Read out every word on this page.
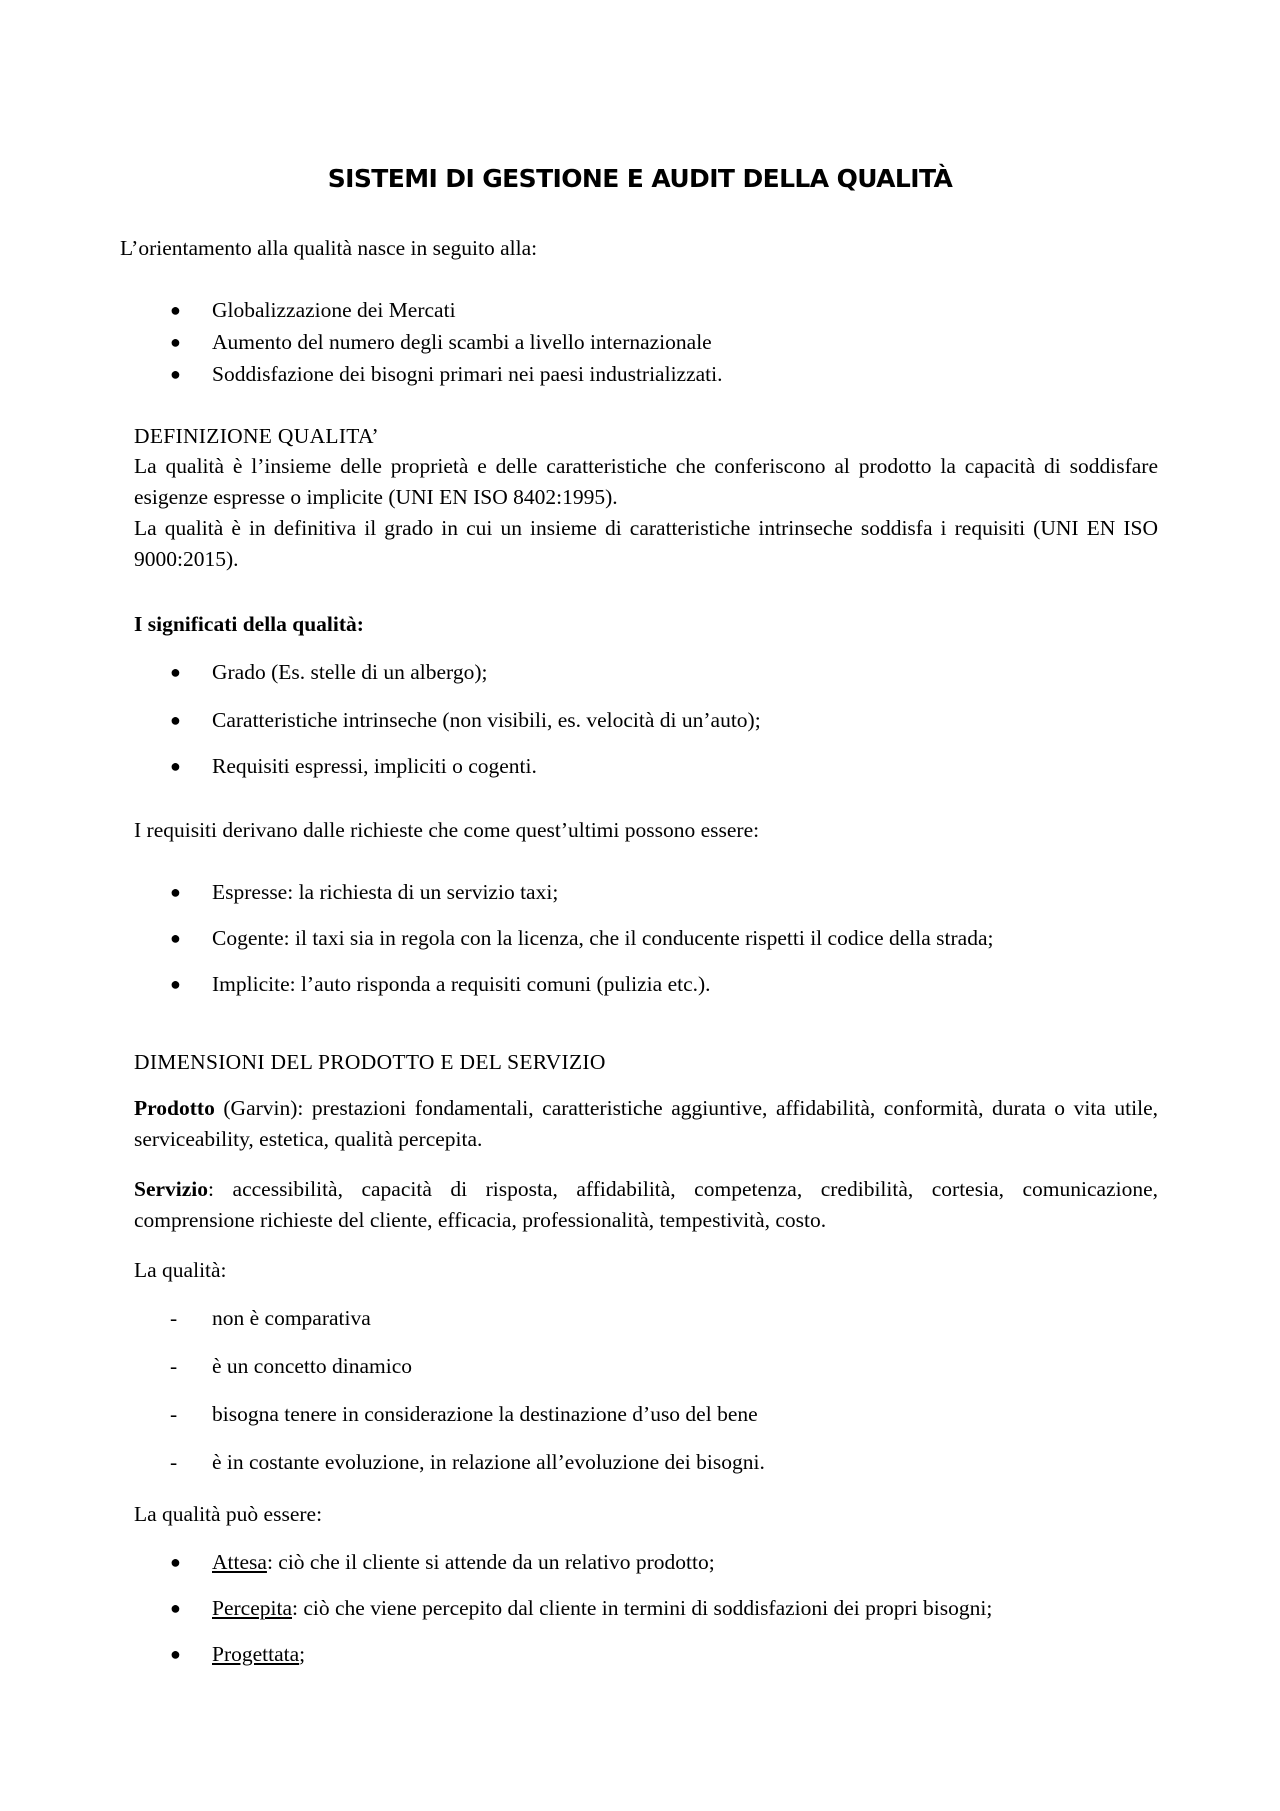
SISTEMI DI GESTIONE E AUDIT DELLA QUALITÀ
L’orientamento alla qualità nasce in seguito alla:
● Globalizzazione dei Mercati
● Aumento del numero degli scambi a livello internazionale
● Soddisfazione dei bisogni primari nei paesi industrializzati.
DEFINIZIONE QUALITA’
La qualità è l’insieme delle proprietà e delle caratteristiche che conferiscono al prodotto la capacità di soddisfare esigenze espresse o implicite (UNI EN ISO 8402:1995).
La qualità è in definitiva il grado in cui un insieme di caratteristiche intrinseche soddisfa i requisiti (UNI EN ISO 9000:2015).
I significati della qualità:
● Grado (Es. stelle di un albergo);
● Caratteristiche intrinseche (non visibili, es. velocità di un’auto);
● Requisiti espressi, impliciti o cogenti.
I requisiti derivano dalle richieste che come quest’ultimi possono essere:
● Espresse: la richiesta di un servizio taxi;
● Cogente: il taxi sia in regola con la licenza, che il conducente rispetti il codice della strada;
● Implicite: l’auto risponda a requisiti comuni (pulizia etc.).
DIMENSIONI DEL PRODOTTO E DEL SERVIZIO
Prodotto (Garvin): prestazioni fondamentali, caratteristiche aggiuntive, affidabilità, conformità, durata o vita utile, serviceability, estetica, qualità percepita.
Servizio: accessibilità, capacità di risposta, affidabilità, competenza, credibilità, cortesia, comunicazione, comprensione richieste del cliente, efficacia, professionalità, tempestività, costo.
La qualità:
- non è comparativa
- è un concetto dinamico
- bisogna tenere in considerazione la destinazione d’uso del bene
- è in costante evoluzione, in relazione all’evoluzione dei bisogni.
La qualità può essere:
● Attesa: ciò che il cliente si attende da un relativo prodotto;
● Percepita: ciò che viene percepito dal cliente in termini di soddisfazioni dei propri bisogni;
● Progettata;
